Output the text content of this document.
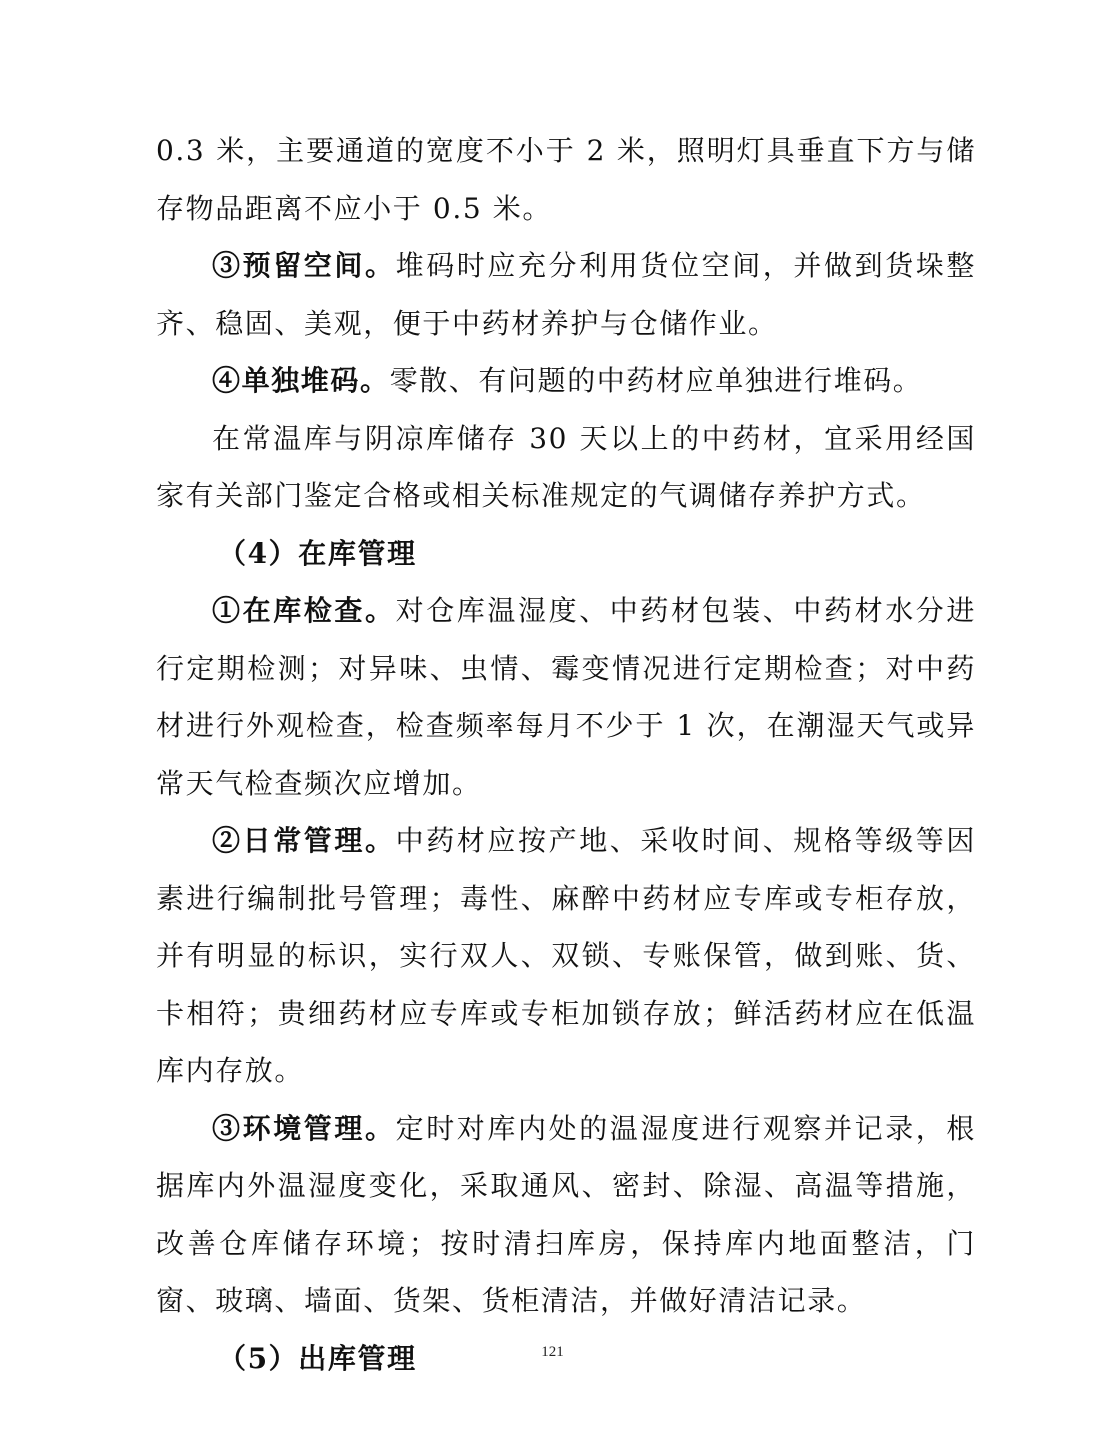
0.3 米，主要通道的宽度不小于 2 米，照明灯具垂直下方与储存物品距离不应小于 0.5 米。

③预留空间。堆码时应充分利用货位空间，并做到货垛整齐、稳固、美观，便于中药材养护与仓储作业。

④单独堆码。零散、有问题的中药材应单独进行堆码。

在常温库与阴凉库储存 30 天以上的中药材，宜采用经国家有关部门鉴定合格或相关标准规定的气调储存养护方式。

（4）在库管理

①在库检查。对仓库温湿度、中药材包装、中药材水分进行定期检测；对异味、虫情、霉变情况进行定期检查；对中药材进行外观检查，检查频率每月不少于 1 次，在潮湿天气或异常天气检查频次应增加。

②日常管理。中药材应按产地、采收时间、规格等级等因素进行编制批号管理；毒性、麻醉中药材应专库或专柜存放，并有明显的标识，实行双人、双锁、专账保管，做到账、货、卡相符；贵细药材应专库或专柜加锁存放；鲜活药材应在低温库内存放。

③环境管理。定时对库内处的温湿度进行观察并记录，根据库内外温湿度变化，采取通风、密封、除湿、高温等措施，改善仓库储存环境；按时清扫库房，保持库内地面整洁，门窗、玻璃、墙面、货架、货柜清洁，并做好清洁记录。

（5）出库管理	121
